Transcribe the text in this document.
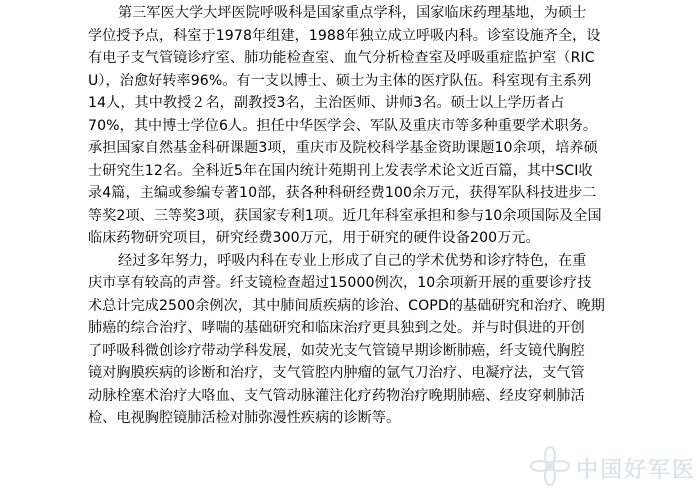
第三军医大学大坪医院呼吸科是国家重点学科，国家临床药理基地，为硕士
学位授予点，科室于1978年组建，1988年独立成立呼吸内科。诊室设施齐全，设
有电子支气管镜诊疗室、肺功能检查室、血气分析检查室及呼吸重症监护室（RIC
U），治愈好转率96%。有一支以博士、硕士为主体的医疗队伍。科室现有主系列
14人，其中教授２名，副教授3名，主治医师、讲师3名。硕士以上学历者占
70%，其中博士学位6人。担任中华医学会、军队及重庆市等多种重要学术职务。
承担国家自然基金科研课题3项，重庆市及院校科学基金资助课题10余项，培养硕
士研究生12名。全科近5年在国内统计苑期刊上发表学术论文近百篇，其中SCI收
录4篇，主编或参编专著10部，获各种科研经费100余万元，获得军队科技进步二
等奖2项、三等奖3项，获国家专利1项。近几年科室承担和参与10余项国际及全国
临床药物研究项目，研究经费300万元，用于研究的硬件设备200万元。
经过多年努力，呼吸内科在专业上形成了自己的学术优势和诊疗特色，在重
庆市享有较高的声誉。纤支镜检查超过15000例次，10余项新开展的重要诊疗技
术总计完成2500余例次，其中肺间质疾病的诊治、COPD的基础研究和治疗、晚期
肺癌的综合治疗、哮喘的基础研究和临床治疗更具独到之处。并与时俱进的开创
了呼吸科微创诊疗带动学科发展，如荧光支气管镜早期诊断肺癌，纤支镜代胸腔
镜对胸膜疾病的诊断和治疗，支气管腔内肿瘤的氩气刀治疗、电凝疗法，支气管
动脉栓塞术治疗大咯血、支气管动脉灌注化疗药物治疗晚期肺癌、经皮穿刺肺活
检、电视胸腔镜肺活检对肺弥漫性疾病的诊断等。
中国好军医
